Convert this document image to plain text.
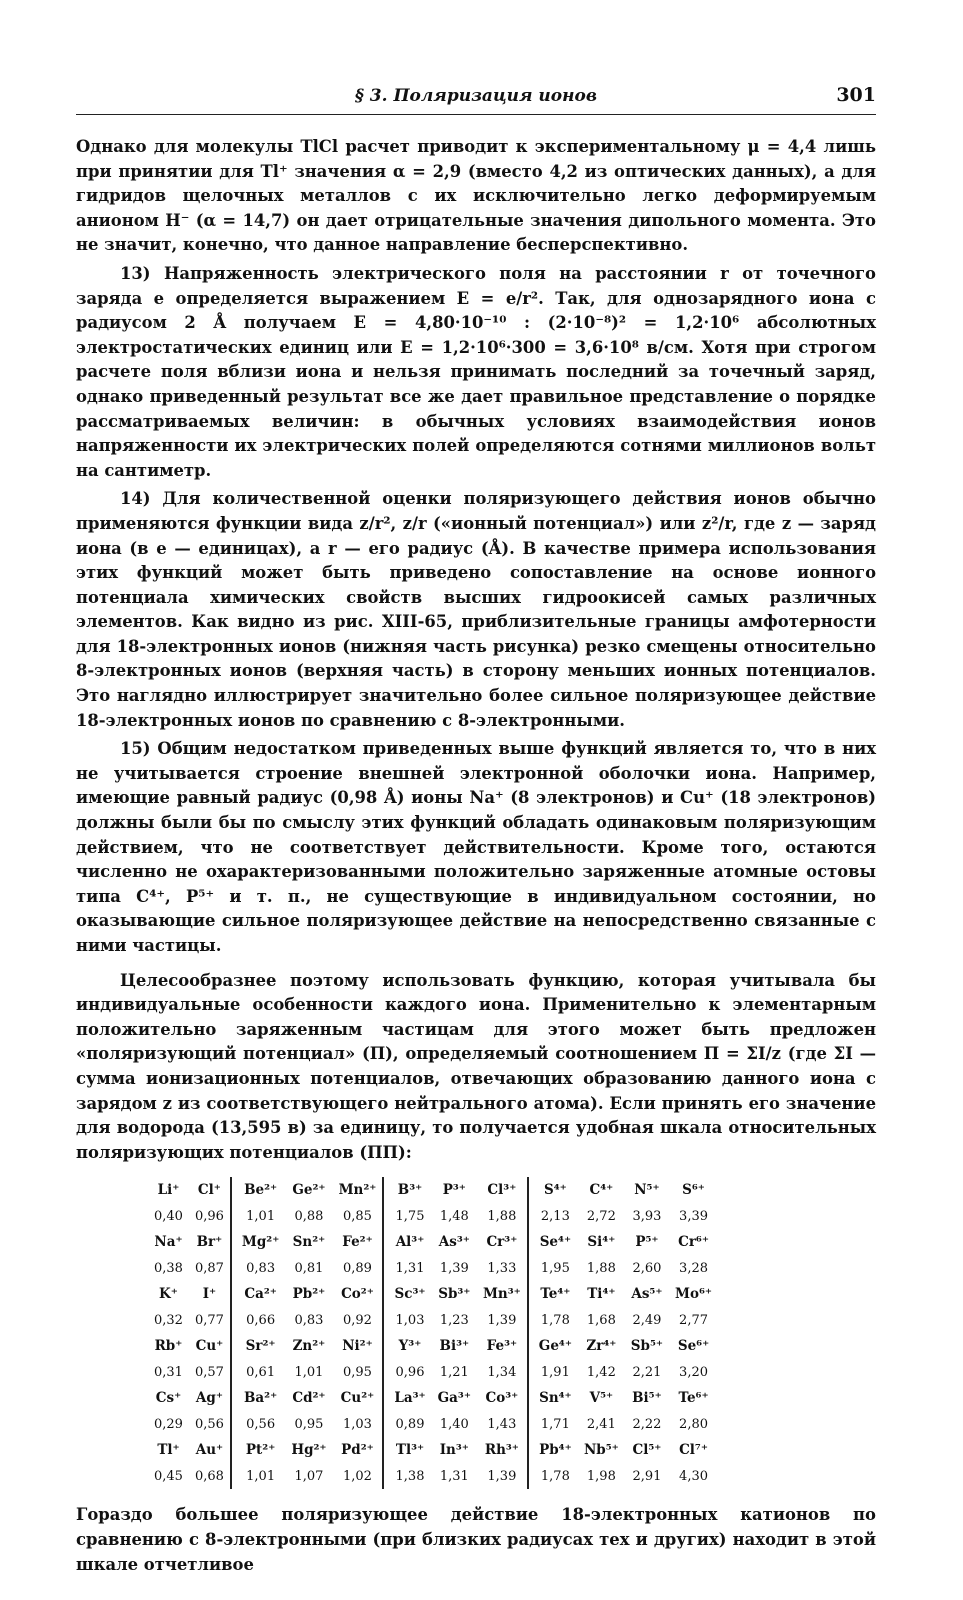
§ 3. Поляризация ионов	301

Однако для молекулы TlCl расчет приводит к экспериментальному μ = 4,4 лишь при принятии для Tl⁺ значения α = 2,9 (вместо 4,2 из оптических данных), а для гидридов щелочных металлов с их исключительно легко деформируемым анионом H⁻ (α = 14,7) он дает отрицательные значения дипольного момента. Это не значит, конечно, что данное направление бесперспективно.

13) Напряженность электрического поля на расстоянии r от точечного заряда e определяется выражением E = e/r². Так, для однозарядного иона с радиусом 2 Å получаем E = 4,80·10⁻¹⁰ : (2·10⁻⁸)² = 1,2·10⁶ абсолютных электростатических единиц или E = 1,2·10⁶·300 = 3,6·10⁸ в/см. Хотя при строгом расчете поля вблизи иона и нельзя принимать последний за точечный заряд, однако приведенный результат все же дает правильное представление о порядке рассматриваемых величин: в обычных условиях взаимодействия ионов напряженности их электрических полей определяются сотнями миллионов вольт на сантиметр.

14) Для количественной оценки поляризующего действия ионов обычно применяются функции вида z/r², z/r («ионный потенциал») или z²/r, где z — заряд иона (в e — единицах), а r — его радиус (Å). В качестве примера использования этих функций может быть приведено сопоставление на основе ионного потенциала химических свойств высших гидроокисей самых различных элементов. Как видно из рис. XIII-65, приблизительные границы амфотерности для 18-электронных ионов (нижняя часть рисунка) резко смещены относительно 8-электронных ионов (верхняя часть) в сторону меньших ионных потенциалов. Это наглядно иллюстрирует значительно более сильное поляризующее действие 18-электронных ионов по сравнению с 8-электронными.

15) Общим недостатком приведенных выше функций является то, что в них не учитывается строение внешней электронной оболочки иона. Например, имеющие равный радиус (0,98 Å) ионы Na⁺ (8 электронов) и Cu⁺ (18 электронов) должны были бы по смыслу этих функций обладать одинаковым поляризующим действием, что не соответствует действительности. Кроме того, остаются численно не охарактеризованными положительно заряженные атомные остовы типа C⁴⁺, P⁵⁺ и т. п., не существующие в индивидуальном состоянии, но оказывающие сильное поляризующее действие на непосредственно связанные с ними частицы.

Целесообразнее поэтому использовать функцию, которая учитывала бы индивидуальные особенности каждого иона. Применительно к элементарным положительно заряженным частицам для этого может быть предложен «поляризующий потенциал» (П), определяемый соотношением П = ΣI/z (где ΣI — сумма ионизационных потенциалов, отвечающих образованию данного иона с зарядом z из соответствующего нейтрального атома). Если принять его значение для водорода (13,595 в) за единицу, то получается удобная шкала относительных поляризующих потенциалов (ПП):

Li⁺	Cl⁺	Be²⁺	Ge²⁺	Mn²⁺	B³⁺	P³⁺	Cl³⁺	S⁴⁺	C⁴⁺	N⁵⁺	S⁶⁺
0,40	0,96	1,01	0,88	0,85	1,75	1,48	1,88	2,13	2,72	3,93	3,39
Na⁺	Br⁺	Mg²⁺	Sn²⁺	Fe²⁺	Al³⁺	As³⁺	Cr³⁺	Se⁴⁺	Si⁴⁺	P⁵⁺	Cr⁶⁺
0,38	0,87	0,83	0,81	0,89	1,31	1,39	1,33	1,95	1,88	2,60	3,28
K⁺	I⁺	Ca²⁺	Pb²⁺	Co²⁺	Sc³⁺	Sb³⁺	Mn³⁺	Te⁴⁺	Ti⁴⁺	As⁵⁺	Mo⁶⁺
0,32	0,77	0,66	0,83	0,92	1,03	1,23	1,39	1,78	1,68	2,49	2,77
Rb⁺	Cu⁺	Sr²⁺	Zn²⁺	Ni²⁺	Y³⁺	Bi³⁺	Fe³⁺	Ge⁴⁺	Zr⁴⁺	Sb⁵⁺	Se⁶⁺
0,31	0,57	0,61	1,01	0,95	0,96	1,21	1,34	1,91	1,42	2,21	3,20
Cs⁺	Ag⁺	Ba²⁺	Cd²⁺	Cu²⁺	La³⁺	Ga³⁺	Co³⁺	Sn⁴⁺	V⁵⁺	Bi⁵⁺	Te⁶⁺
0,29	0,56	0,56	0,95	1,03	0,89	1,40	1,43	1,71	2,41	2,22	2,80
Tl⁺	Au⁺	Pt²⁺	Hg²⁺	Pd²⁺	Tl³⁺	In³⁺	Rh³⁺	Pb⁴⁺	Nb⁵⁺	Cl⁵⁺	Cl⁷⁺
0,45	0,68	1,01	1,07	1,02	1,38	1,31	1,39	1,78	1,98	2,91	4,30
Гораздо большее поляризующее действие 18-электронных катионов по сравнению с 8-электронными (при близких радиусах тех и других) находит в этой шкале отчетливое
